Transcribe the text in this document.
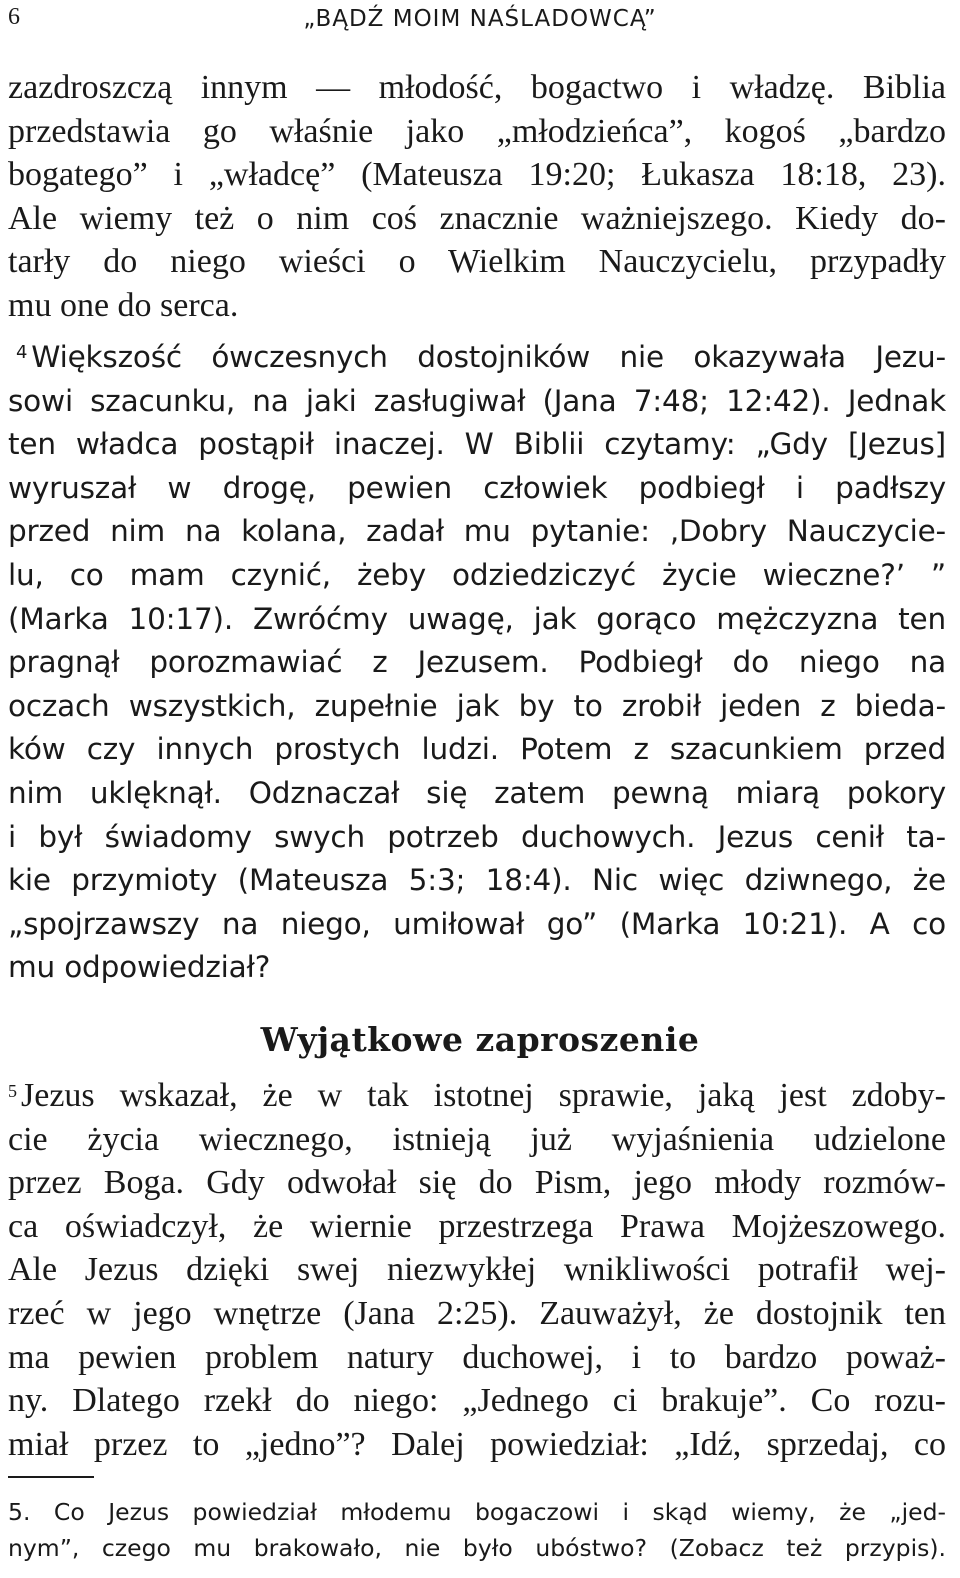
6	„BĄDŹ MOIM NAŚLADOWCĄ”
zazdroszczą innym — młodość, bogactwo i władzę. Biblia
przedstawia go właśnie jako „młodzieńca”, kogoś „bardzo
bogatego” i „władcę” (Mateusza 19:20; Łukasza 18:18, 23).
Ale wiemy też o nim coś znacznie ważniejszego. Kiedy do-
tarły do niego wieści o Wielkim Nauczycielu, przypadły
mu one do serca.
$^4$ Większość ówczesnych dostojników nie okazywała Jezu-
sowi szacunku, na jaki zasługiwał (Jana 7:48; 12:42). Jednak
ten władca postąpił inaczej. W Biblii czytamy: „Gdy [Jezus]
wyruszał w drogę, pewien człowiek podbiegł i padłszy
przed nim na kolana, zadał mu pytanie: ‚Dobry Nauczycie-
lu, co mam czynić, żeby odziedziczyć życie wieczne?’ ”
(Marka 10:17). Zwróćmy uwagę, jak gorąco mężczyzna ten
pragnął porozmawiać z Jezusem. Podbiegł do niego na
oczach wszystkich, zupełnie jak by to zrobił jeden z bieda-
ków czy innych prostych ludzi. Potem z szacunkiem przed
nim uklęknął. Odznaczał się zatem pewną miarą pokory
i był świadomy swych potrzeb duchowych. Jezus cenił ta-
kie przymioty (Mateusza 5:3; 18:4). Nic więc dziwnego, że
„spojrzawszy na niego, umiłował go” (Marka 10:21). A co
mu odpowiedział?
Wyjątkowe zaproszenie
$^5$ Jezus wskazał, że w tak istotnej sprawie, jaką jest zdoby-
cie życia wiecznego, istnieją już wyjaśnienia udzielone
przez Boga. Gdy odwołał się do Pism, jego młody rozmów-
ca oświadczył, że wiernie przestrzega Prawa Mojżeszowego.
Ale Jezus dzięki swej niezwykłej wnikliwości potrafił wej-
rzeć w jego wnętrze (Jana 2:25). Zauważył, że dostojnik ten
ma pewien problem natury duchowej, i to bardzo poważ-
ny. Dlatego rzekł do niego: „Jednego ci brakuje”. Co rozu-
miał przez to „jedno”? Dalej powiedział: „Idź, sprzedaj, co
5. Co Jezus powiedział młodemu bogaczowi i skąd wiemy, że „jed-
nym”, czego mu brakowało, nie było ubóstwo? (Zobacz też przypis).
